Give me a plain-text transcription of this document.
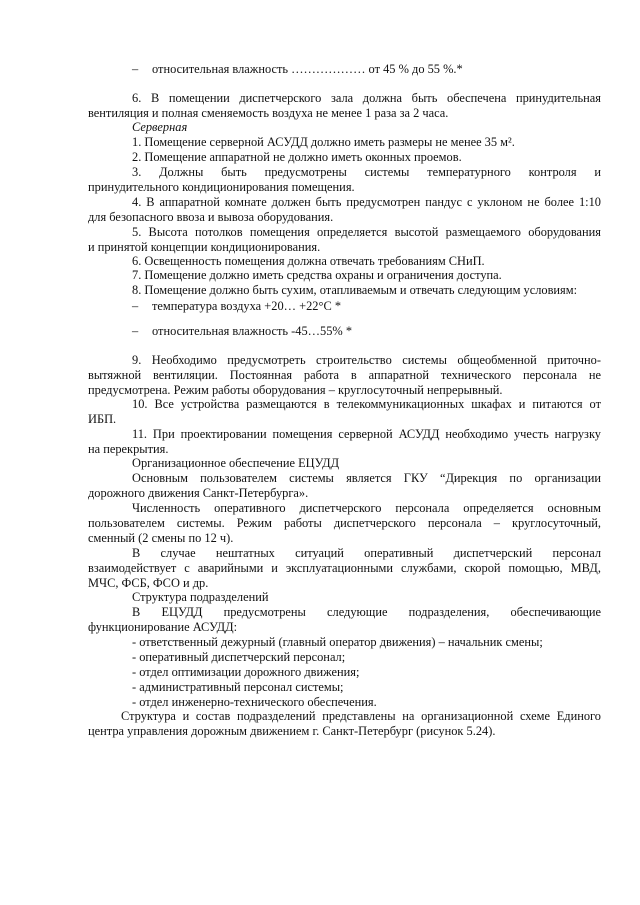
– относительная влажность ……………… от 45 % до 55 %.*
6. В помещении диспетчерского зала должна быть обеспечена принудительная
вентиляция и полная сменяемость воздуха не менее 1 раза за 2 часа.
Серверная
1. Помещение серверной АСУДД должно иметь размеры не менее 35 м².
2. Помещение аппаратной не должно иметь оконных проемов.
3. Должны быть предусмотрены системы температурного контроля и
принудительного кондиционирования помещения.
4. В аппаратной комнате должен быть предусмотрен пандус с уклоном не более 1:10
для безопасного ввоза и вывоза оборудования.
5. Высота потолков помещения определяется высотой размещаемого оборудования
и принятой концепции кондиционирования.
6. Освещенность помещения должна отвечать требованиям СНиП.
7. Помещение должно иметь средства охраны и ограничения доступа.
8. Помещение должно быть сухим, отапливаемым и отвечать следующим условиям:
– температура воздуха +20… +22°С *
– относительная влажность -45…55% *
9. Необходимо предусмотреть строительство системы общеобменной приточно-
вытяжной вентиляции. Постоянная работа в аппаратной технического персонала не
предусмотрена. Режим работы оборудования – круглосуточный непрерывный.
10. Все устройства размещаются в телекоммуникационных шкафах и питаются от
ИБП.
11. При проектировании помещения серверной АСУДД необходимо учесть нагрузку
на перекрытия.
Организационное обеспечение ЕЦУДД
Основным пользователем системы является ГКУ “Дирекция по организации
дорожного движения Санкт-Петербурга».
Численность оперативного диспетчерского персонала определяется основным
пользователем системы. Режим работы диспетчерского персонала – круглосуточный,
сменный (2 смены по 12 ч).
В случае нештатных ситуаций оперативный диспетчерский персонал
взаимодействует с аварийными и эксплуатационными службами, скорой помощью, МВД,
МЧС, ФСБ, ФСО и др.
Структура подразделений
В ЕЦУДД предусмотрены следующие подразделения, обеспечивающие
функционирование АСУДД:
- ответственный дежурный (главный оператор движения) – начальник смены;
- оперативный диспетчерский персонал;
- отдел оптимизации дорожного движения;
- административный персонал системы;
- отдел инженерно-технического обеспечения.
Структура и состав подразделений представлены на организационной схеме Единого
центра управления дорожным движением г. Санкт-Петербург (рисунок 5.24).
